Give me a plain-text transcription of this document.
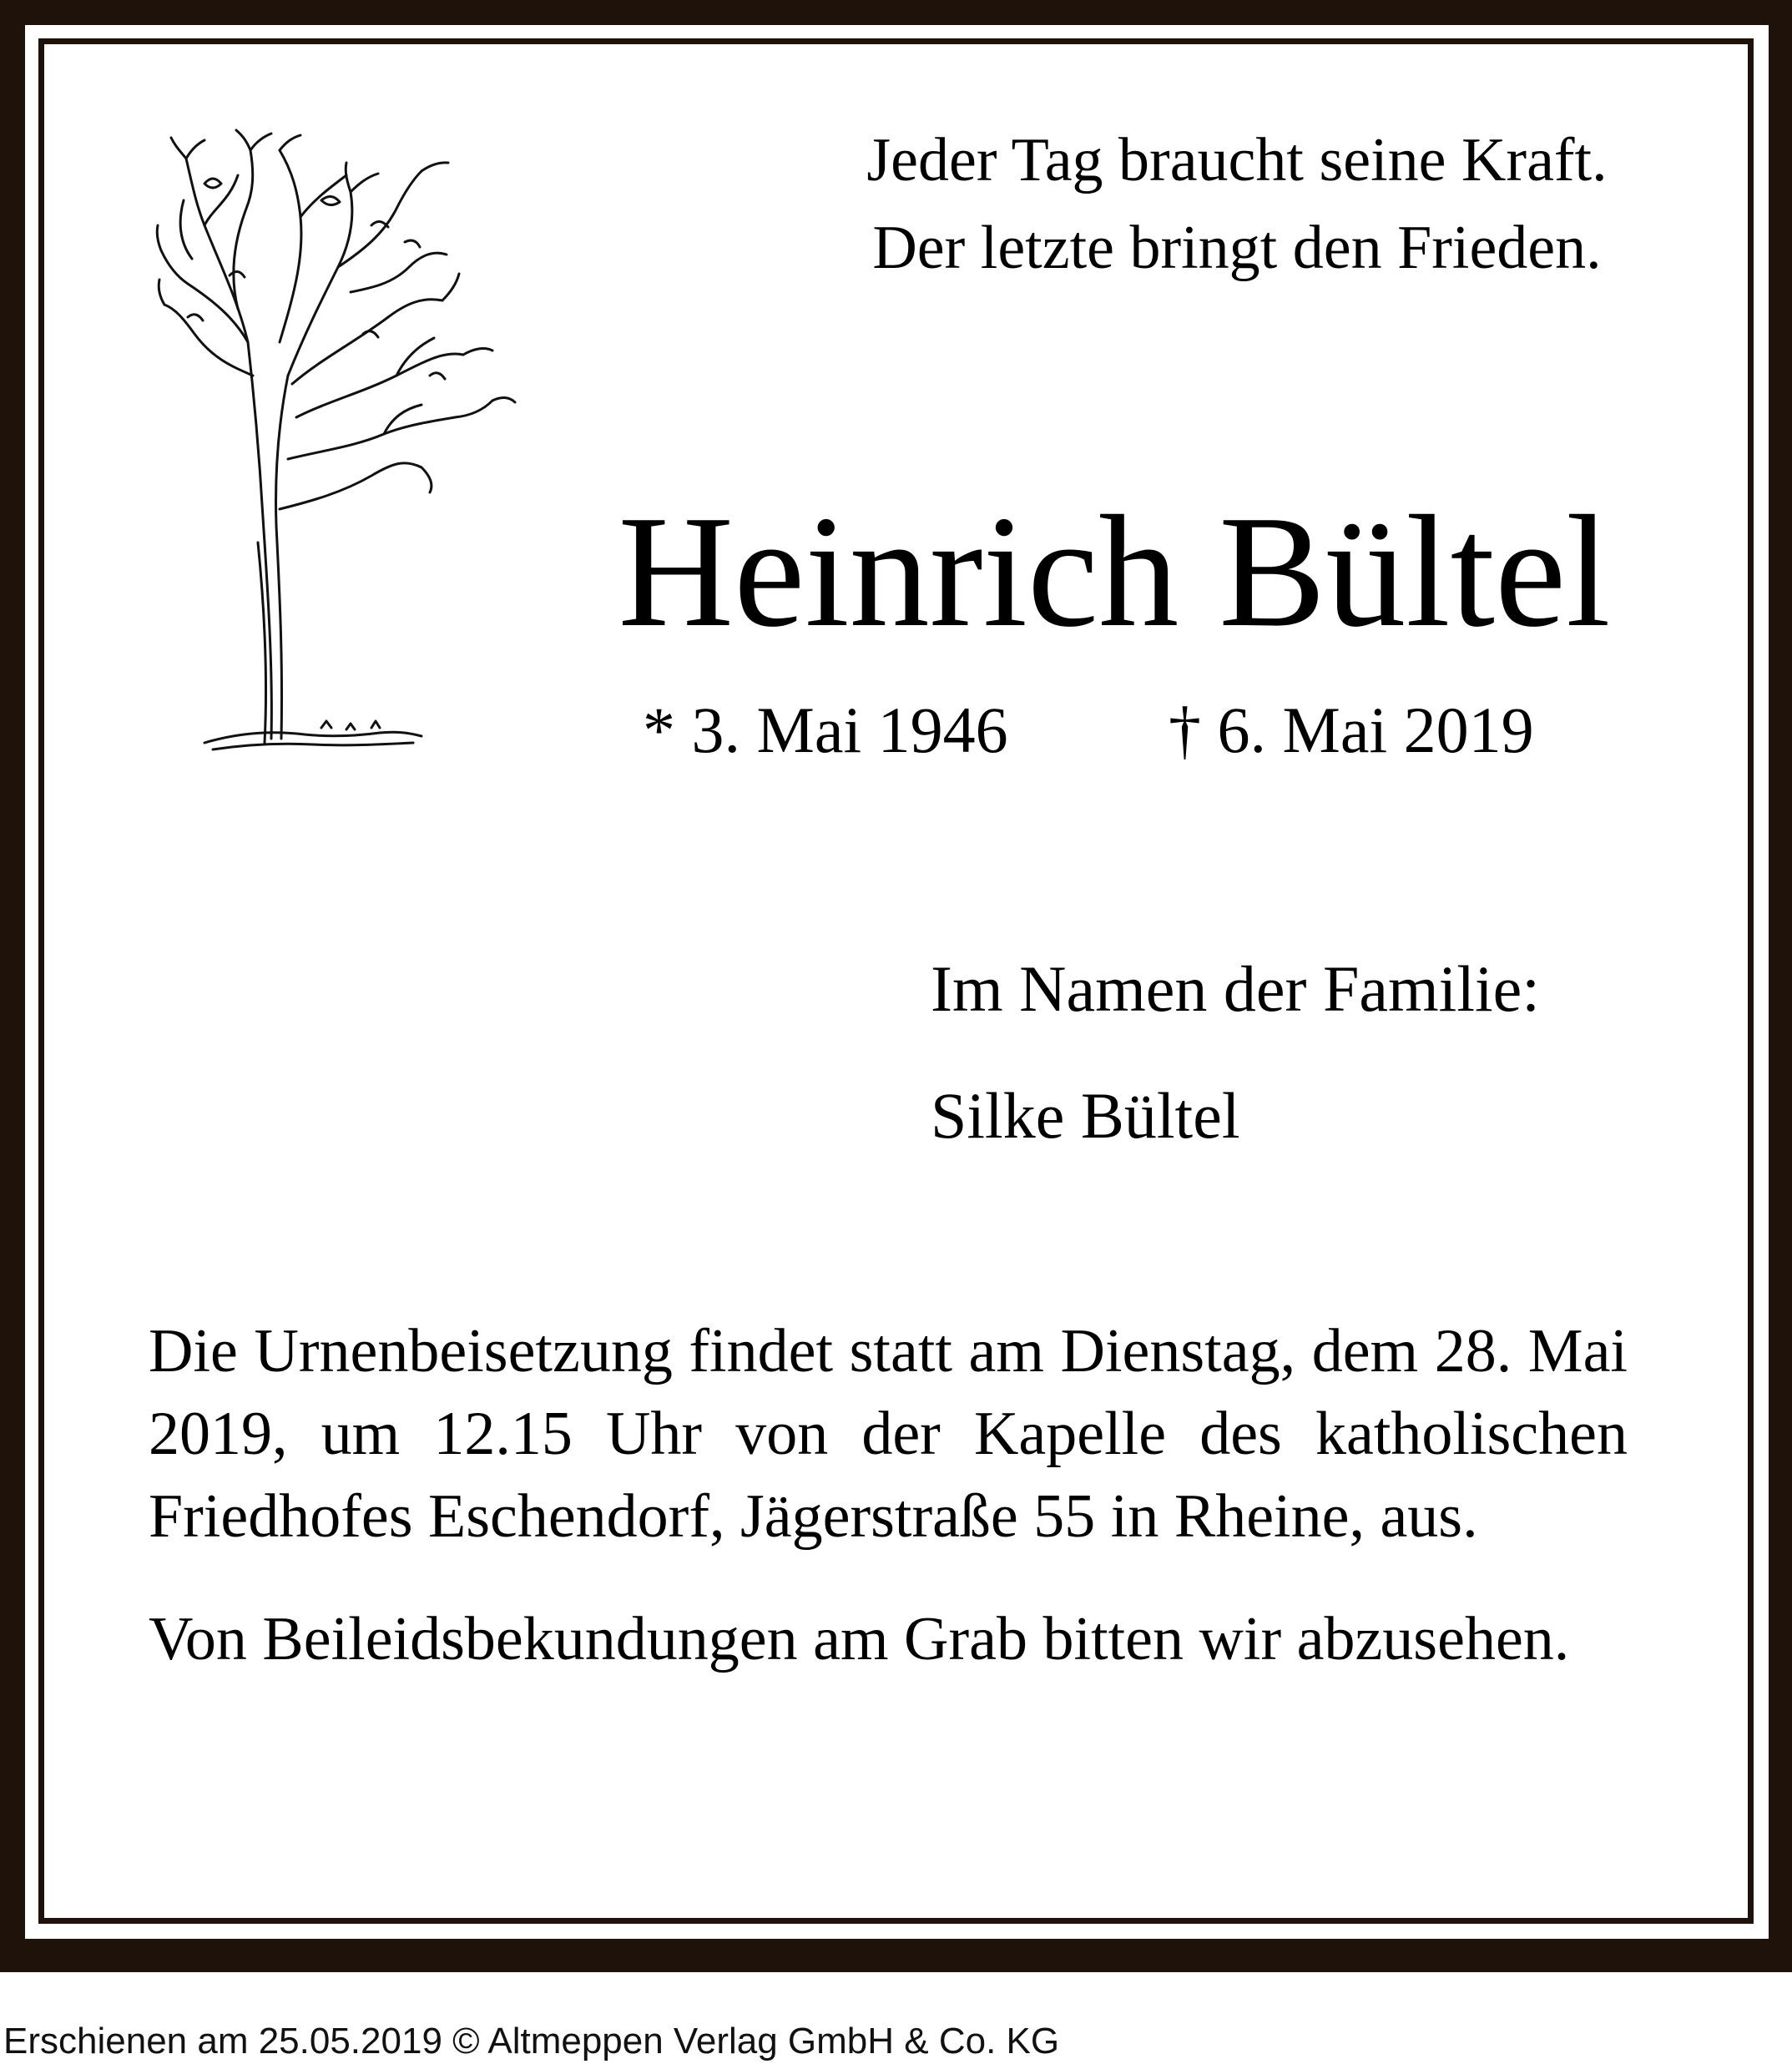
Jeder Tag braucht seine Kraft.
Der letzte bringt den Frieden.
Heinrich Bültel
* 3. Mai 1946 † 6. Mai 2019
Im Namen der Familie:
Silke Bültel

Die Urnenbeisetzung findet statt am Dienstag, dem 28. Mai 2019, um 12.15 Uhr von der Kapelle des katholischen Friedhofes Eschendorf, Jägerstraße 55 in Rheine, aus.

Von Beileidsbekundungen am Grab bitten wir abzusehen.

Erschienen am 25.05.2019 © Altmeppen Verlag GmbH & Co. KG
